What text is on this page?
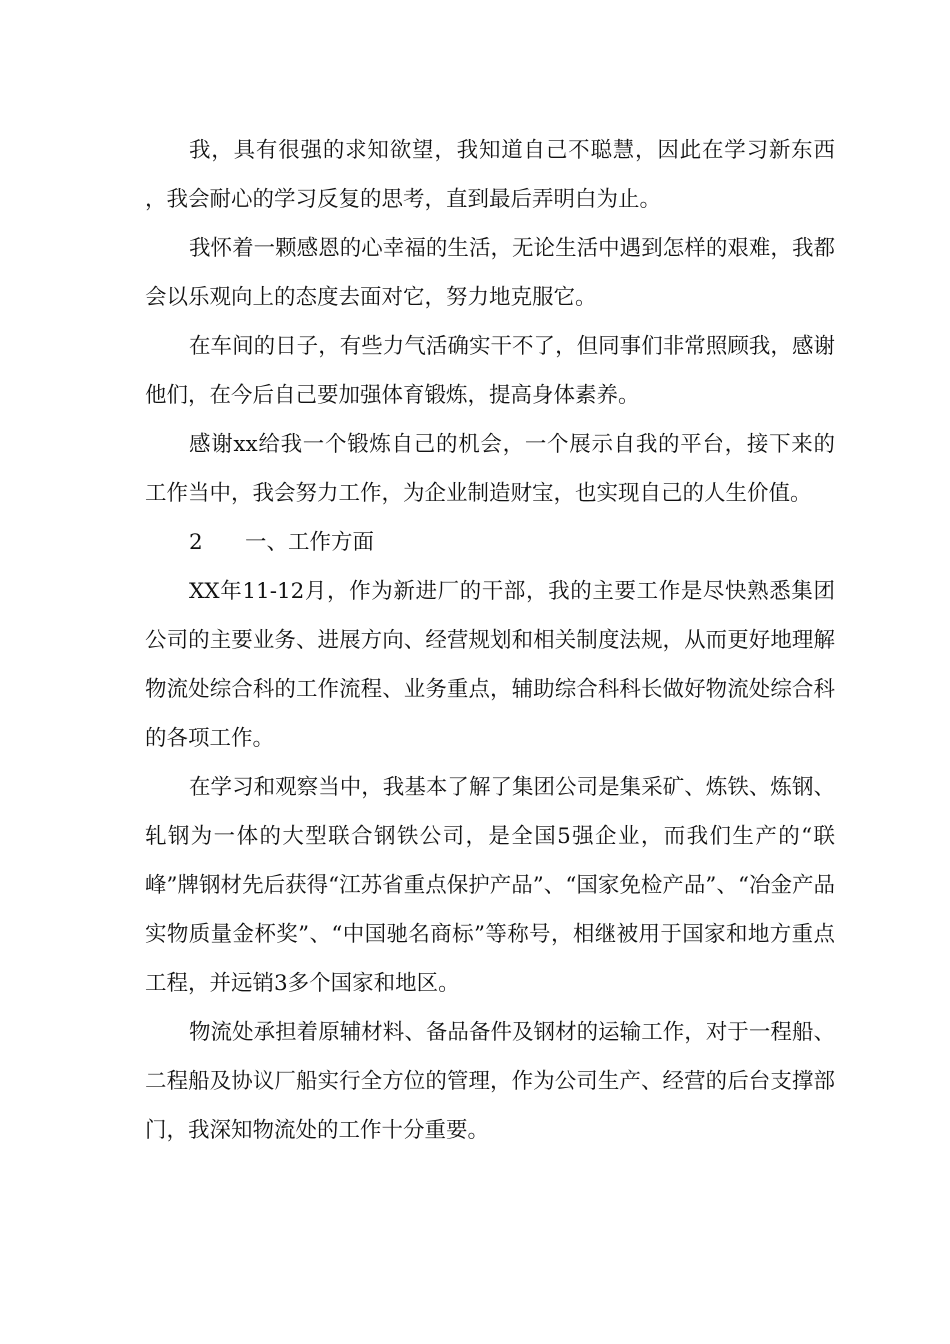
我，具有很强的求知欲望，我知道自己不聪慧，因此在学习新东西 ，我会耐心的学习反复的思考，直到最后弄明白为止。

我怀着一颗感恩的心幸福的生活，无论生活中遇到怎样的艰难，我都会以乐观向上的态度去面对它，努力地克服它。

在车间的日子，有些力气活确实干不了，但同事们非常照顾我，感谢他们，在今后自己要加强体育锻炼，提高身体素养。

感谢xx给我一个锻炼自己的机会，一个展示自我的平台，接下来的工作当中，我会努力工作，为企业制造财宝，也实现自己的人生价值。

2 一、工作方面

XX年11-12月，作为新进厂的干部，我的主要工作是尽快熟悉集团公司的主要业务、进展方向、经营规划和相关制度法规，从而更好地理解物流处综合科的工作流程、业务重点，辅助综合科科长做好物流处综合科的各项工作。

在学习和观察当中，我基本了解了集团公司是集采矿、炼铁、炼钢、轧钢为一体的大型联合钢铁公司，是全国5强企业，而我们生产的“联峰”牌钢材先后获得“江苏省重点保护产品”、“国家免检产品”、“冶金产品实物质量金杯奖”、“中国驰名商标”等称号，相继被用于国家和地方重点工程，并远销3多个国家和地区。

物流处承担着原辅材料、备品备件及钢材的运输工作，对于一程船、二程船及协议厂船实行全方位的管理，作为公司生产、经营的后台支撑部门，我深知物流处的工作十分重要。
